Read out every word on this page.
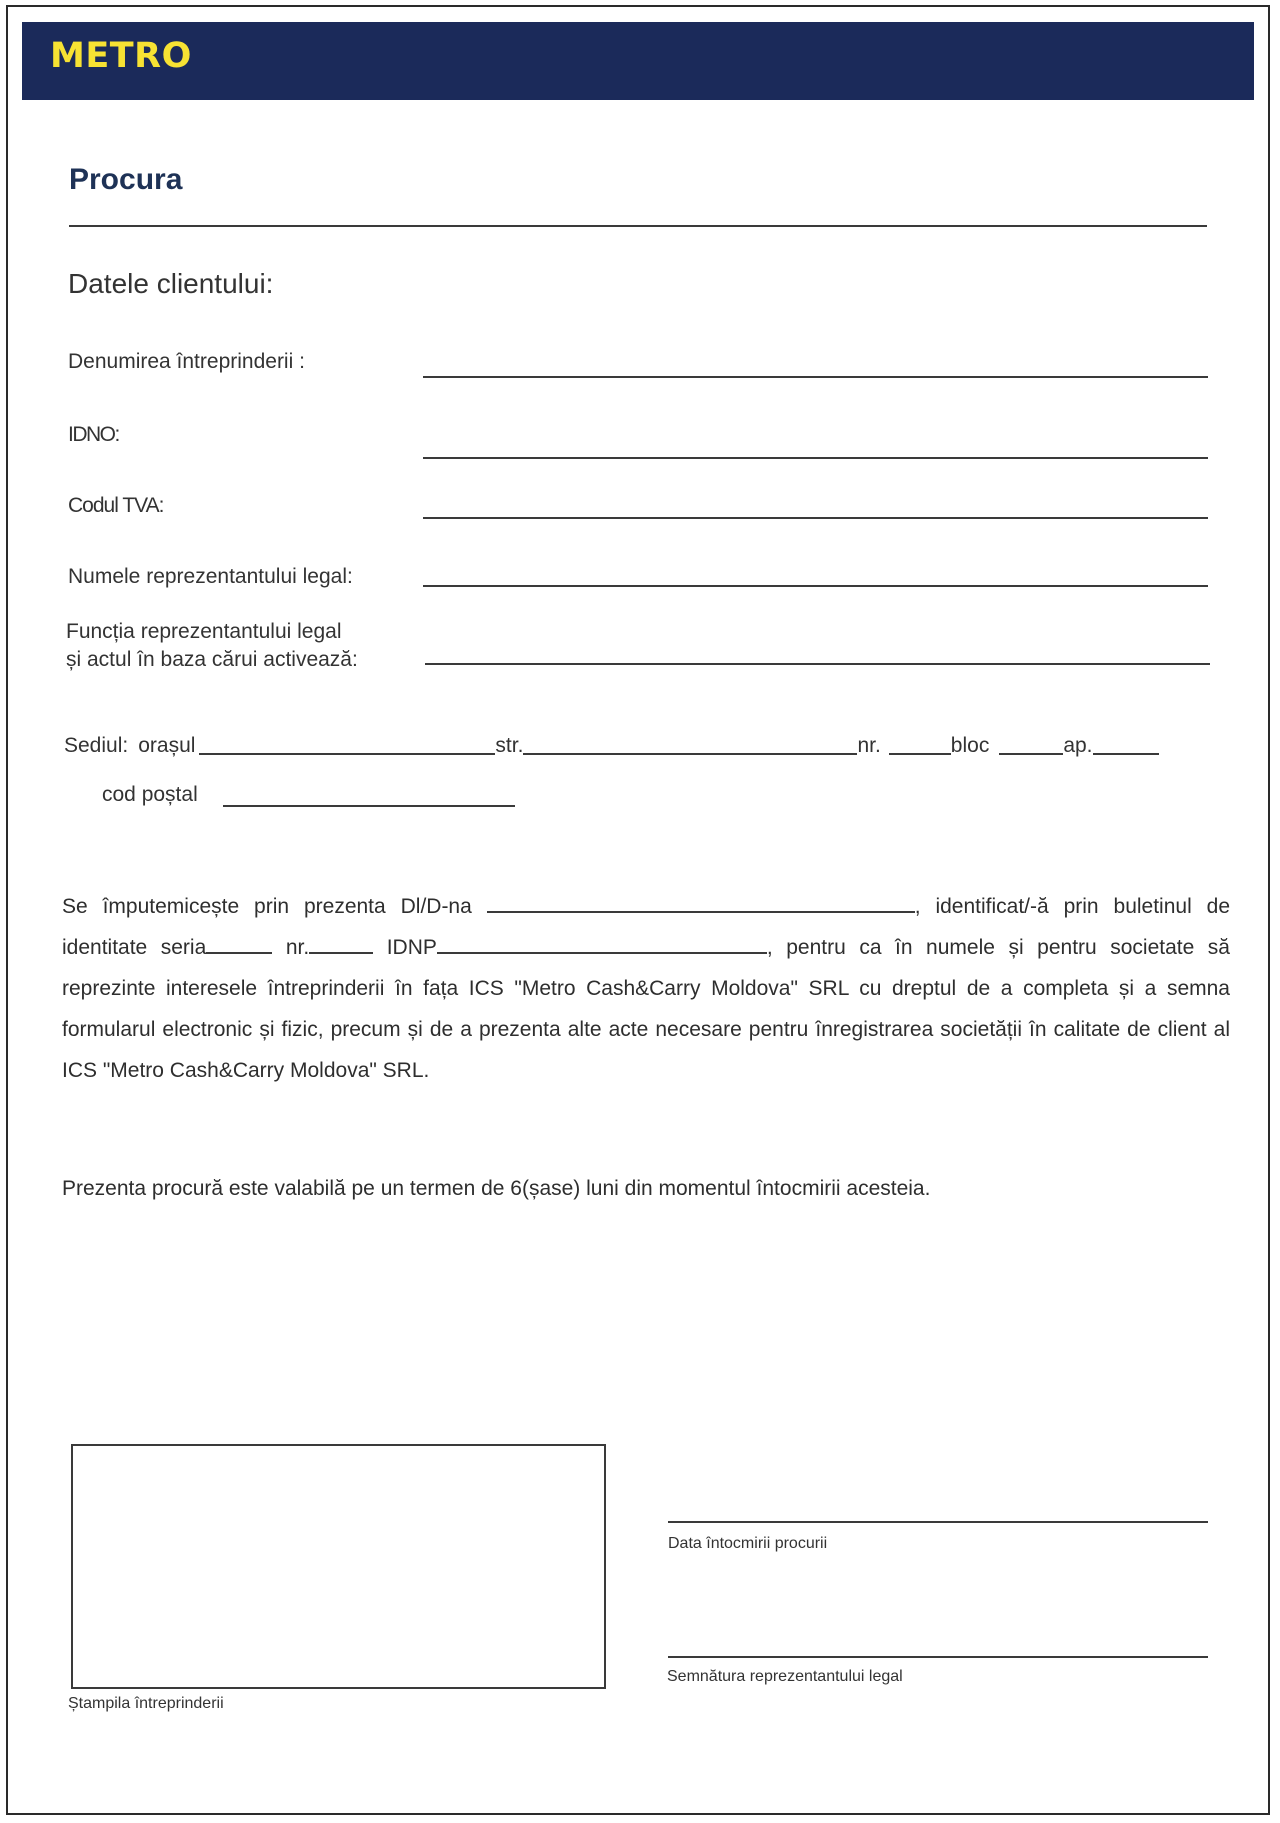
METRO
Procura
Datele clientului:
Denumirea întreprinderii :
IDNO:
Codul TVA:
Numele reprezentantului legal:
Funcția reprezentantului legal
și actul în baza cărui activează:
Sediul: orașul	str.	nr.	bloc	ap.
cod poștal
Se împutemicește prin prezenta Dl/D-na	, identificat/-ă prin buletinul de identitate seria	nr.	IDNP	, pentru ca în numele și pentru societate să reprezinte interesele întreprinderii în fața ICS "Metro Cash&Carry Moldova" SRL cu dreptul de a completa și a semna formularul electronic și fizic, precum și de a prezenta alte acte necesare pentru înregistrarea societății în calitate de client al ICS "Metro Cash&Carry Moldova" SRL.
Prezenta procură este valabilă pe un termen de 6(șase) luni din momentul întocmirii acesteia.
Ștampila întreprinderii
Data întocmirii procurii
Semnătura reprezentantului legal
